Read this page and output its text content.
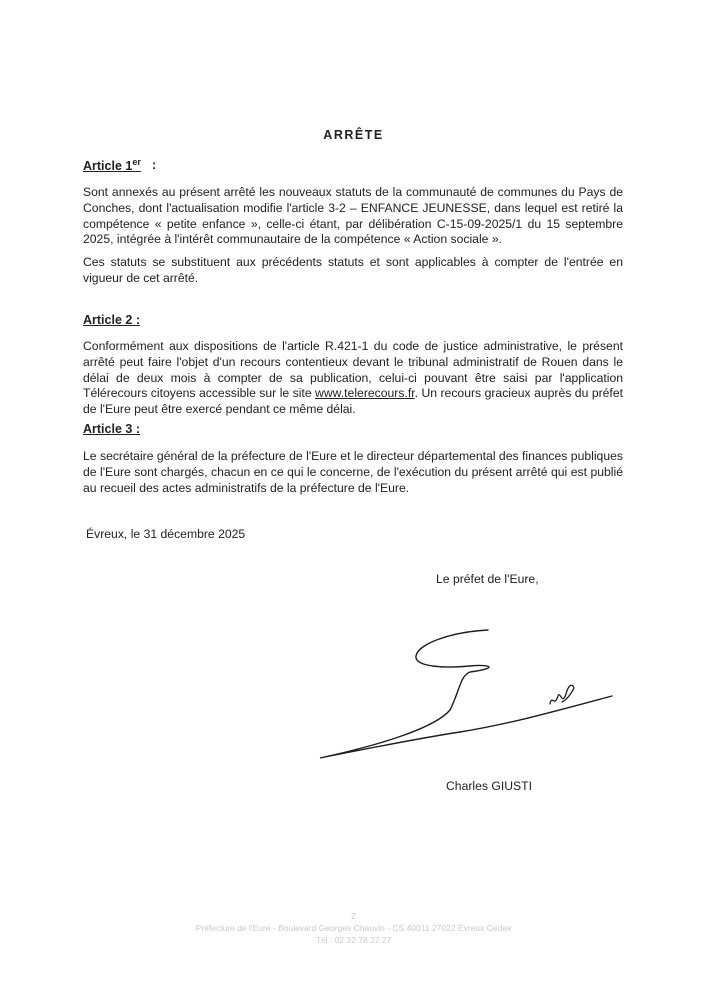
ARRÊTE
Article 1er :
Sont annexés au présent arrêté les nouveaux statuts de la communauté de communes du Pays de Conches, dont l'actualisation modifie l'article 3-2 – ENFANCE JEUNESSE, dans lequel est retiré la compétence « petite enfance », celle-ci étant, par délibération C-15-09-2025/1 du 15 septembre 2025, intégrée à l'intérêt communautaire de la compétence « Action sociale ».
Ces statuts se substituent aux précédents statuts et sont applicables à compter de l'entrée en vigueur de cet arrêté.
Article 2 :
Conformément aux dispositions de l'article R.421-1 du code de justice administrative, le présent arrêté peut faire l'objet d'un recours contentieux devant le tribunal administratif de Rouen dans le délai de deux mois à compter de sa publication, celui-ci pouvant être saisi par l'application Télérecours citoyens accessible sur le site www.telerecours.fr. Un recours gracieux auprès du préfet de l'Eure peut être exercé pendant ce même délai.
Article 3 :
Le secrétaire général de la préfecture de l'Eure et le directeur départemental des finances publiques de l'Eure sont chargés, chacun en ce qui le concerne, de l'exécution du présent arrêté qui est publié au recueil des actes administratifs de la préfecture de l'Eure.
Évreux, le 31 décembre 2025
Le préfet de l'Eure,
Charles GIUSTI
2
Préfecture de l'Eure - Boulevard Georges Chauvin - CS 40011 27022 Évreux Cedex
Tél : 02 32 78 27 27
